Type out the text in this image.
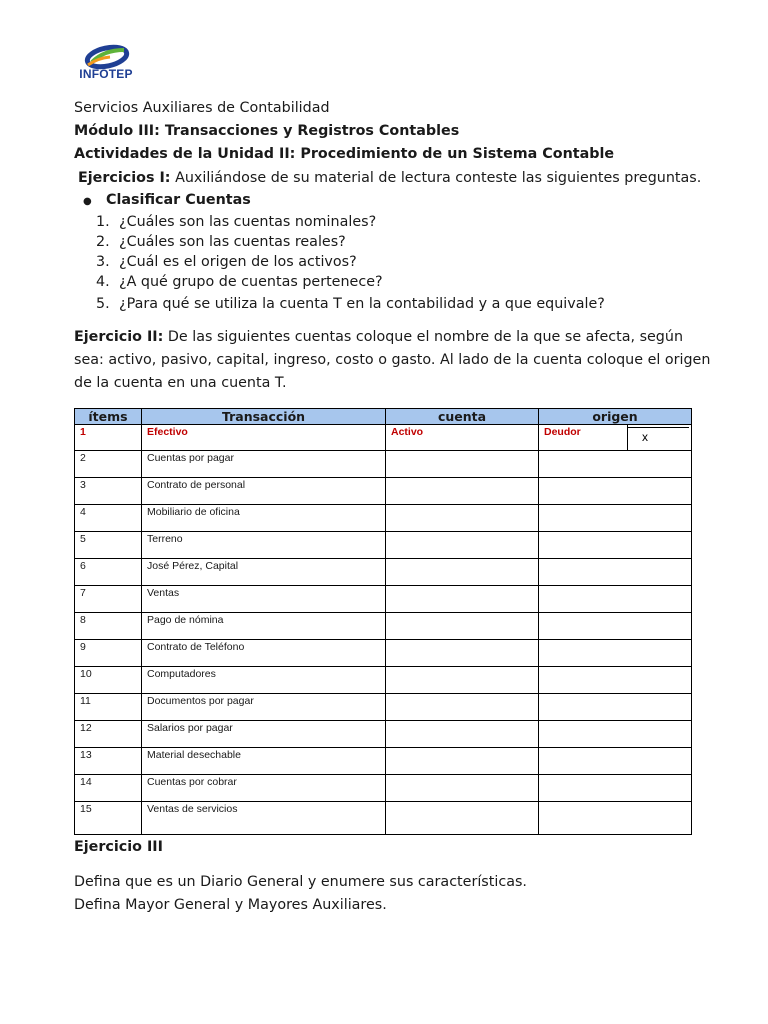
INFOTEP
Servicios Auxiliares de Contabilidad
Módulo III: Transacciones y Registros Contables
Actividades de la Unidad II: Procedimiento de un Sistema Contable
Ejercicios I: Auxiliándose de su material de lectura conteste las siguientes preguntas.
● Clasificar Cuentas
1. ¿Cuáles son las cuentas nominales?
2. ¿Cuáles son las cuentas reales?
3. ¿Cuál es el origen de los activos?
4. ¿A qué grupo de cuentas pertenece?
5. ¿Para qué se utiliza la cuenta T en la contabilidad y a que equivale?
Ejercicio II: De las siguientes cuentas coloque el nombre de la que se afecta, según
sea: activo, pasivo, capital, ingreso, costo o gasto. Al lado de la cuenta coloque el origen
de la cuenta en una cuenta T.
ítems	Transacción	cuenta	origen
1	Efectivo	Activo	Deudor x

2	Cuentas por pagar		
3	Contrato de personal		
4	Mobiliario de oficina		
5	Terreno		
6	José Pérez, Capital		
7	Ventas		
8	Pago de nómina		
9	Contrato de Teléfono		
10	Computadores		
11	Documentos por pagar		
12	Salarios por pagar		
13	Material desechable		
14	Cuentas por cobrar		
15	Ventas de servicios		
Ejercicio III
Defina que es un Diario General y enumere sus características.
Defina Mayor General y Mayores Auxiliares.
